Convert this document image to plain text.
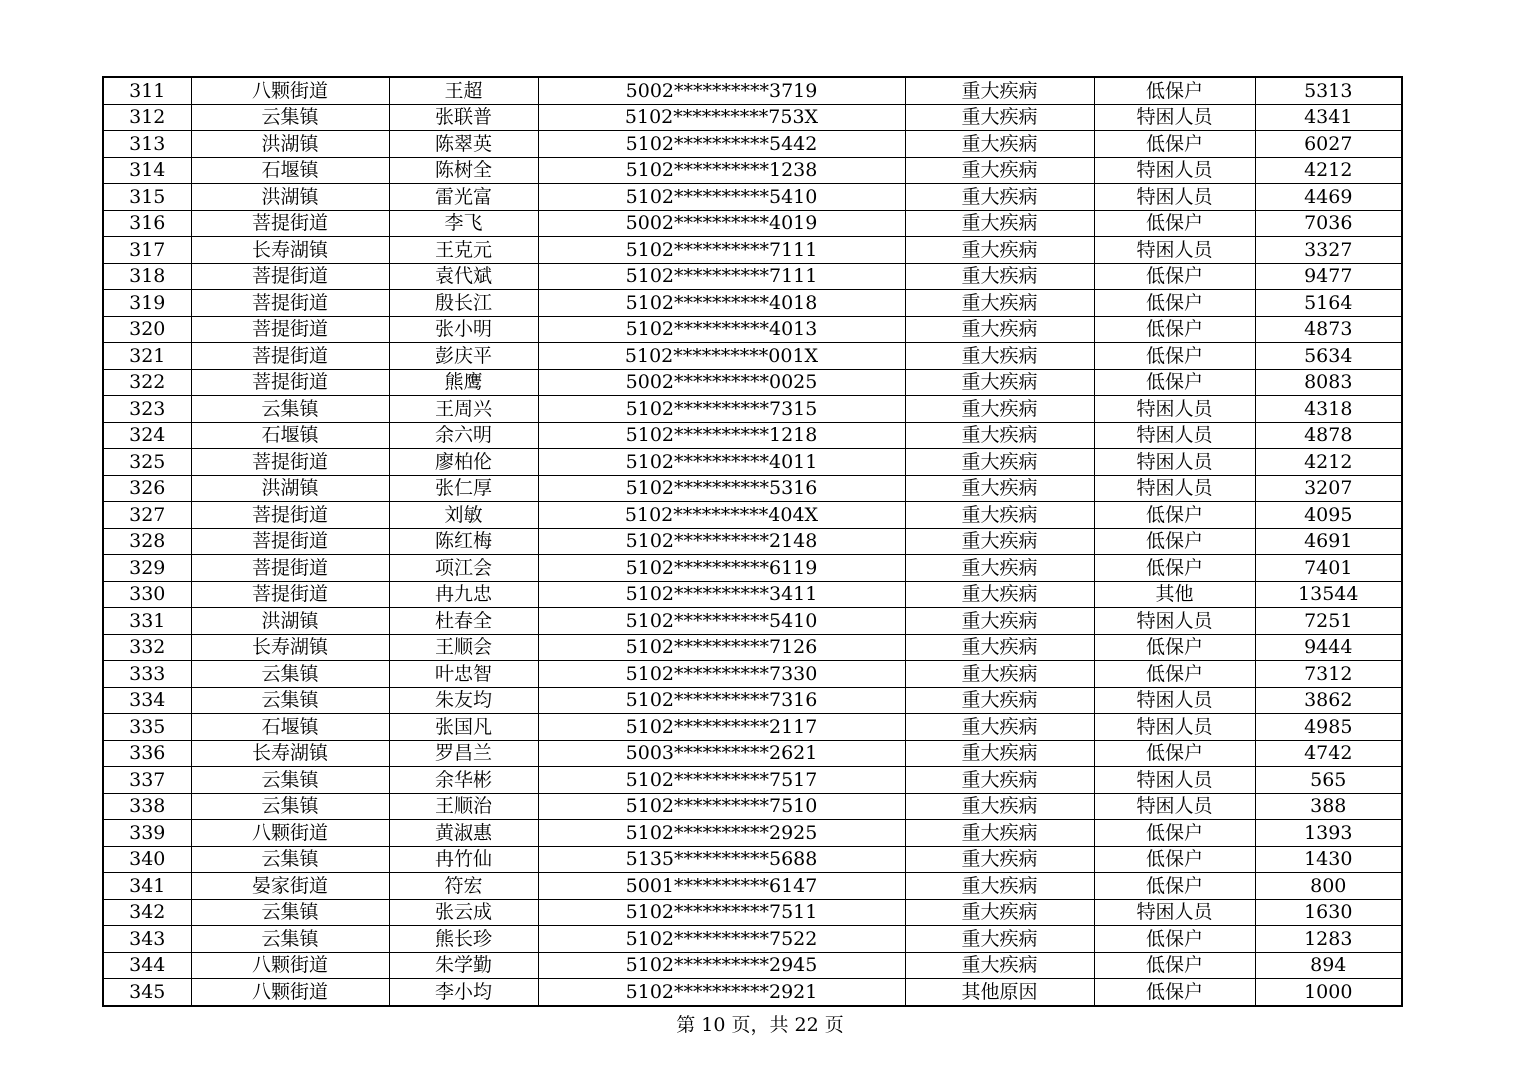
311	八颗街道	王超	5002**********3719	重大疾病	低保户	5313
312	云集镇	张联普	5102**********753X	重大疾病	特困人员	4341
313	洪湖镇	陈翠英	5102**********5442	重大疾病	低保户	6027
314	石堰镇	陈树全	5102**********1238	重大疾病	特困人员	4212
315	洪湖镇	雷光富	5102**********5410	重大疾病	特困人员	4469
316	菩提街道	李飞	5002**********4019	重大疾病	低保户	7036
317	长寿湖镇	王克元	5102**********7111	重大疾病	特困人员	3327
318	菩提街道	袁代斌	5102**********7111	重大疾病	低保户	9477
319	菩提街道	殷长江	5102**********4018	重大疾病	低保户	5164
320	菩提街道	张小明	5102**********4013	重大疾病	低保户	4873
321	菩提街道	彭庆平	5102**********001X	重大疾病	低保户	5634
322	菩提街道	熊鹰	5002**********0025	重大疾病	低保户	8083
323	云集镇	王周兴	5102**********7315	重大疾病	特困人员	4318
324	石堰镇	余六明	5102**********1218	重大疾病	特困人员	4878
325	菩提街道	廖柏伦	5102**********4011	重大疾病	特困人员	4212
326	洪湖镇	张仁厚	5102**********5316	重大疾病	特困人员	3207
327	菩提街道	刘敏	5102**********404X	重大疾病	低保户	4095
328	菩提街道	陈红梅	5102**********2148	重大疾病	低保户	4691
329	菩提街道	项江会	5102**********6119	重大疾病	低保户	7401
330	菩提街道	冉九忠	5102**********3411	重大疾病	其他	13544
331	洪湖镇	杜春全	5102**********5410	重大疾病	特困人员	7251
332	长寿湖镇	王顺会	5102**********7126	重大疾病	低保户	9444
333	云集镇	叶忠智	5102**********7330	重大疾病	低保户	7312
334	云集镇	朱友均	5102**********7316	重大疾病	特困人员	3862
335	石堰镇	张国凡	5102**********2117	重大疾病	特困人员	4985
336	长寿湖镇	罗昌兰	5003**********2621	重大疾病	低保户	4742
337	云集镇	余华彬	5102**********7517	重大疾病	特困人员	565
338	云集镇	王顺治	5102**********7510	重大疾病	特困人员	388
339	八颗街道	黄淑惠	5102**********2925	重大疾病	低保户	1393
340	云集镇	冉竹仙	5135**********5688	重大疾病	低保户	1430
341	晏家街道	符宏	5001**********6147	重大疾病	低保户	800
342	云集镇	张云成	5102**********7511	重大疾病	特困人员	1630
343	云集镇	熊长珍	5102**********7522	重大疾病	低保户	1283
344	八颗街道	朱学勤	5102**********2945	重大疾病	低保户	894
345	八颗街道	李小均	5102**********2921	其他原因	低保户	1000
第 10 页，共 22 页
